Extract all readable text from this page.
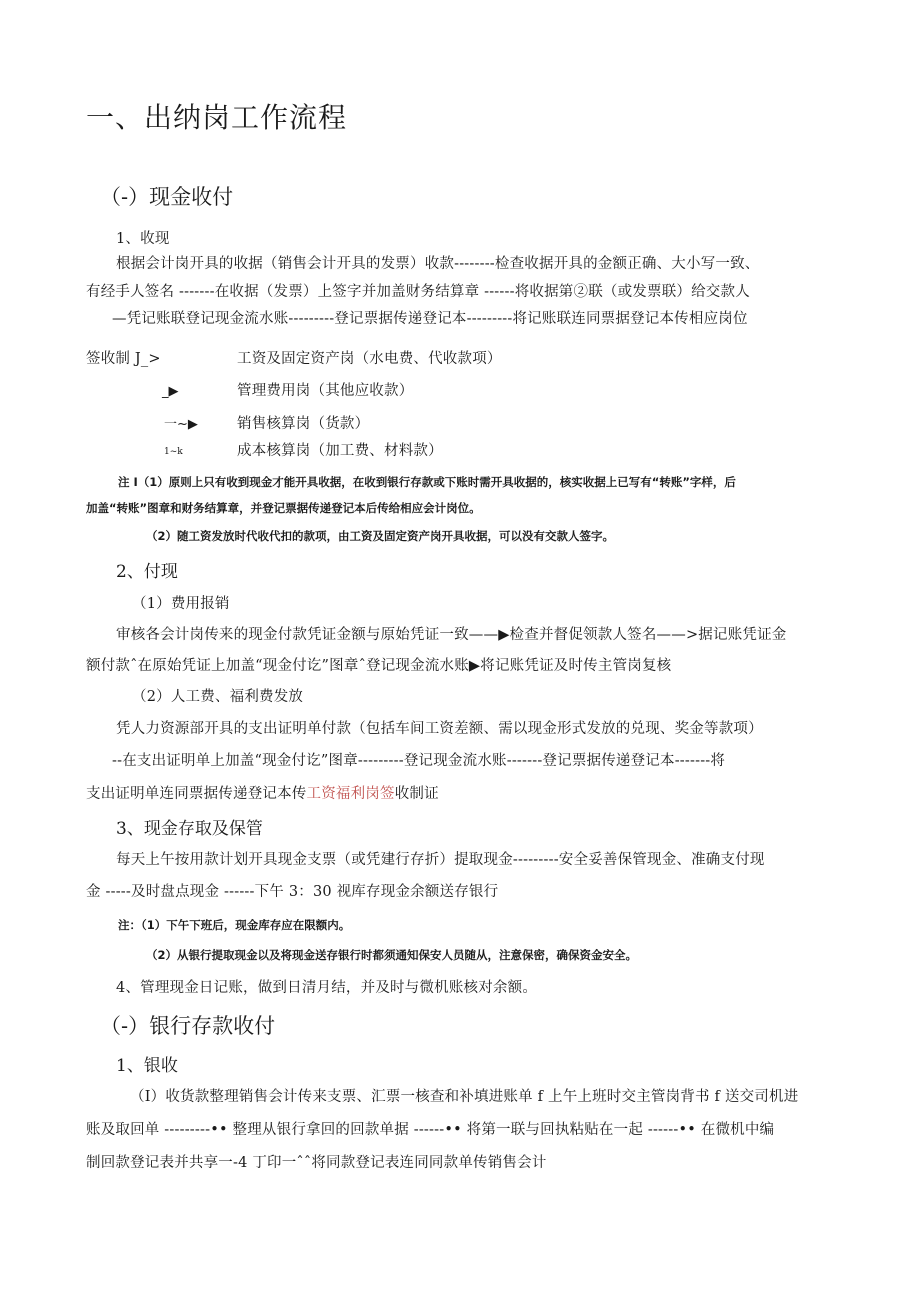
一、出纳岗工作流程
（-）现金收付
1、收现
根据会计岗开具的收据（销售会计开具的发票）收款--------检查收据开具的金额正确、大小写一致、
有经手人签名 -------在收据（发票）上签字并加盖财务结算章 ------将收据第②联（或发票联）给交款人
—凭记账联登记现金流水账---------登记票据传递登记本---------将记账联连同票据登记本传相应岗位
签收制 J_>	工资及固定资产岗（水电费、代收款项）
_▶	管理费用岗（其他应收款）
一~▶	销售核算岗（货款）
1~k	成本核算岗（加工费、材料款）
注 I（1）原则上只有收到现金才能开具收据，在收到银行存款或下账时需开具收据的，核实收据上已写有“转账”字样，后
加盖“转账”图章和财务结算章，并登记票据传递登记本后传给相应会计岗位。
（2）随工资发放时代收代扣的款项，由工资及固定资产岗开具收据，可以没有交款人签字。
2、付现
（1）费用报销
审核各会计岗传来的现金付款凭证金额与原始凭证一致——▶检查并督促领款人签名——>据记账凭证金
额付款ˆ在原始凭证上加盖“现金付讫”图章ˆ登记现金流水账▶将记账凭证及时传主管岗复核
（2）人工费、福利费发放
凭人力资源部开具的支出证明单付款（包括车间工资差额、需以现金形式发放的兑现、奖金等款项）
--在支出证明单上加盖“现金付讫”图章---------登记现金流水账-------登记票据传递登记本-------将
支出证明单连同票据传递登记本传工资福利岗签收制证
3、现金存取及保管
每天上午按用款计划开具现金支票（或凭建行存折）提取现金---------安全妥善保管现金、准确支付现
金 -----及时盘点现金 ------下午 3：30 视库存现金余额送存银行
注：（1）下午下班后，现金库存应在限额内。
（2）从银行提取现金以及将现金送存银行时都须通知保安人员随从，注意保密，确保资金安全。
4、管理现金日记账，做到日清月结，并及时与微机账核对余额。
（-）银行存款收付
1、银收
（I）收货款整理销售会计传来支票、汇票一核查和补填进账单 f 上午上班时交主管岗背书 f 送交司机进
账及取回单 ---------•• 整理从银行拿回的回款单据 ------•• 将第一联与回执粘贴在一起 ------•• 在微机中编
制回款登记表并共享一-4 丁印一ˆˆ将同款登记表连同同款单传销售会计
